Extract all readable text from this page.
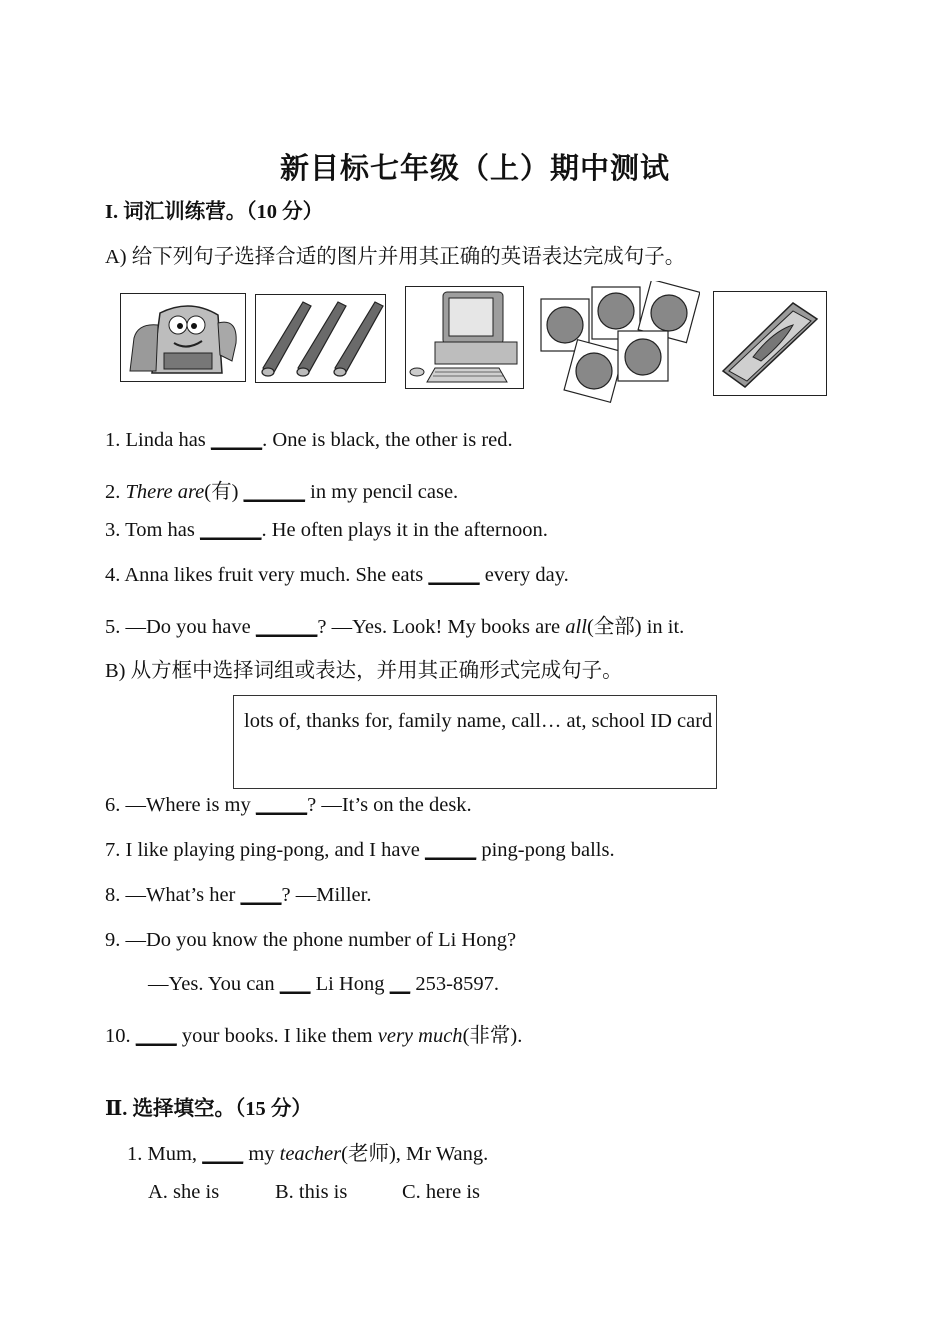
新目标七年级（上）期中测试
I. 词汇训练营。（10 分）
A) 给下列句子选择合适的图片并用其正确的英语表达完成句子。
1. Linda has _____. One is black, the other is red.
2. There are(有) ______ in my pencil case.
3. Tom has ______. He often plays it in the afternoon.
4. Anna likes fruit very much. She eats _____ every day.
5. —Do you have ______? —Yes. Look! My books are all(全部) in it.
B) 从方框中选择词组或表达，并用其正确形式完成句子。
lots of, thanks for, family name, call… at, school ID card
6. —Where is my _____? —It’s on the desk.
7. I like playing ping-pong, and I have _____ ping-pong balls.
8. —What’s her ____? —Miller.
9. —Do you know the phone number of Li Hong?
—Yes. You can ___ Li Hong __ 253-8597.
10. ____ your books. I like them very much(非常).
Ⅱ. 选择填空。（15 分）
1. Mum, ____ my teacher(老师), Mr Wang.
A. she is	B. this is	C. here is
